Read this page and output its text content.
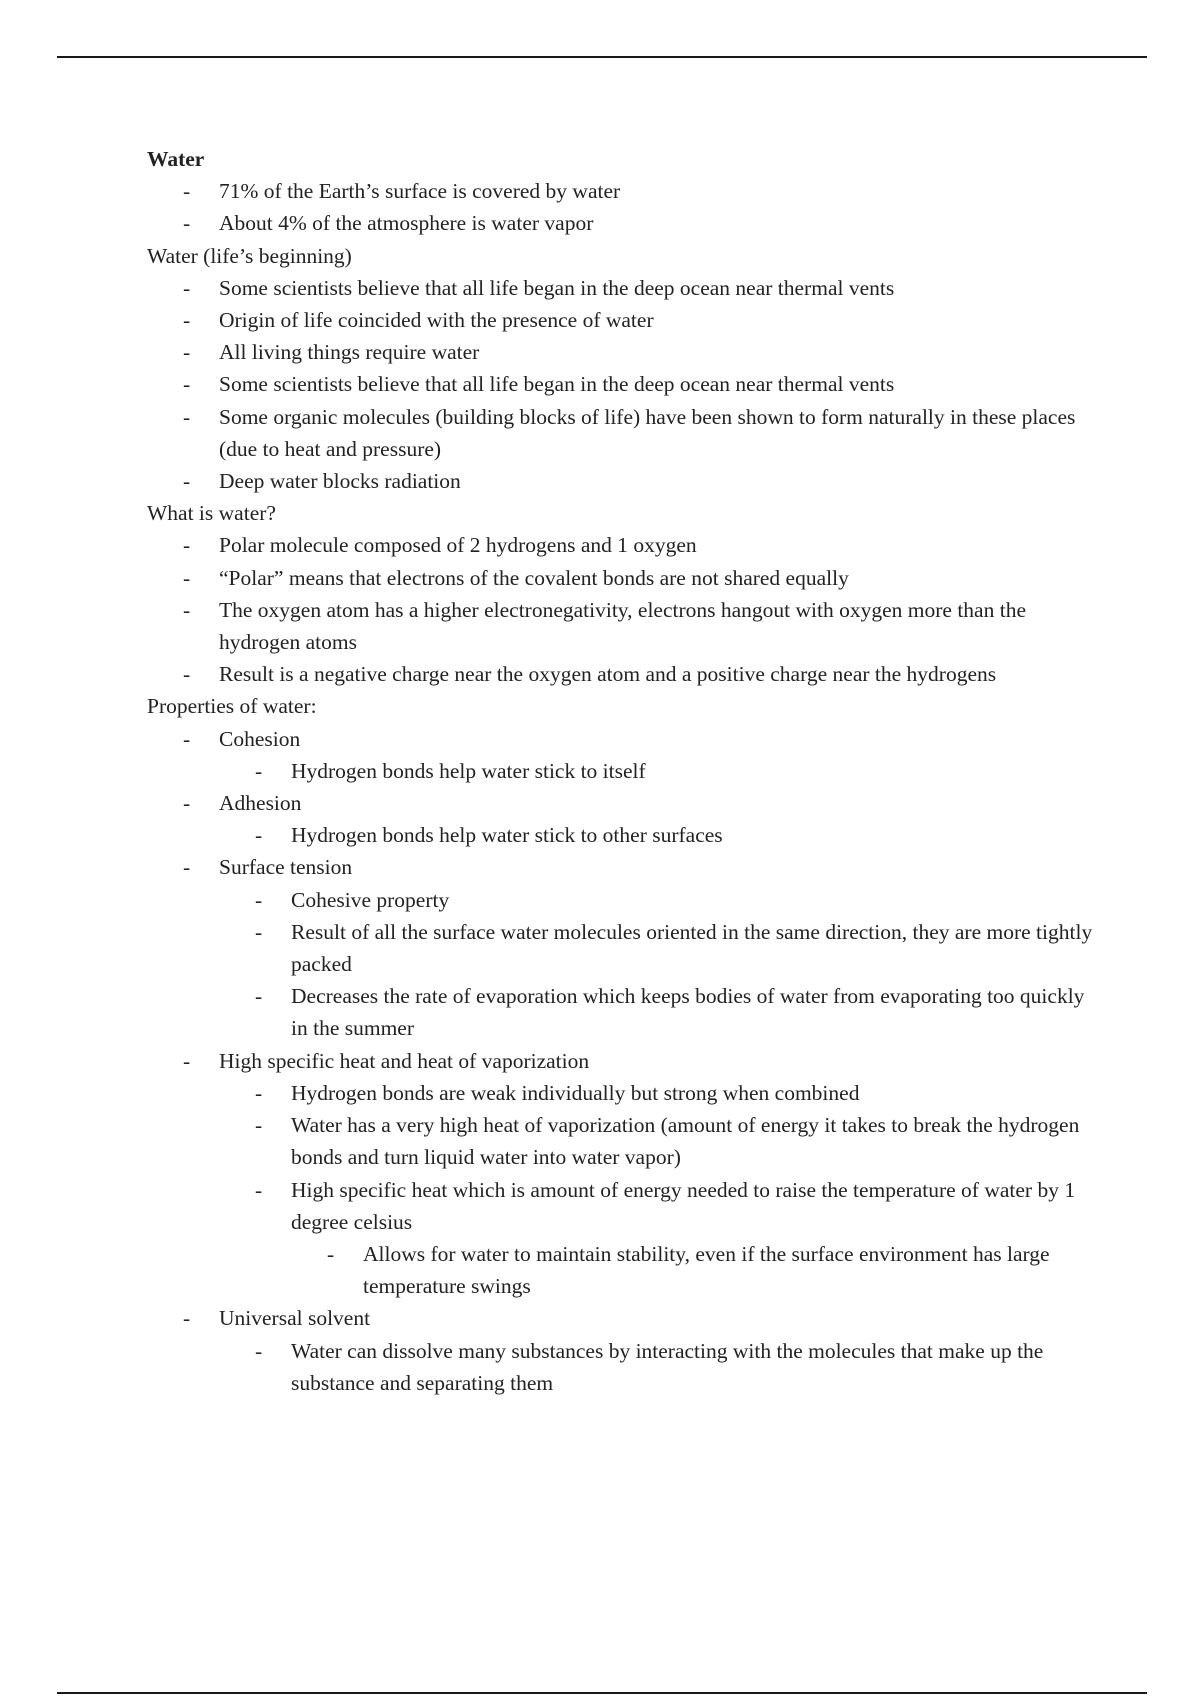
Water

- 71% of the Earth’s surface is covered by water
- About 4% of the atmosphere is water vapor

Water (life’s beginning)

- Some scientists believe that all life began in the deep ocean near thermal vents
- Origin of life coincided with the presence of water
- All living things require water
- Some scientists believe that all life began in the deep ocean near thermal vents
- Some organic molecules (building blocks of life) have been shown to form naturally in these places (due to heat and pressure)
- Deep water blocks radiation

What is water?

- Polar molecule composed of 2 hydrogens and 1 oxygen
- “Polar” means that electrons of the covalent bonds are not shared equally
- The oxygen atom has a higher electronegativity, electrons hangout with oxygen more than the hydrogen atoms
- Result is a negative charge near the oxygen atom and a positive charge near the hydrogens

Properties of water:

- Cohesion
- Hydrogen bonds help water stick to itself
- Adhesion
- Hydrogen bonds help water stick to other surfaces
- Surface tension
- Cohesive property
- Result of all the surface water molecules oriented in the same direction, they are more tightly packed
- Decreases the rate of evaporation which keeps bodies of water from evaporating too quickly in the summer
- High specific heat and heat of vaporization
- Hydrogen bonds are weak individually but strong when combined
- Water has a very high heat of vaporization (amount of energy it takes to break the hydrogen bonds and turn liquid water into water vapor)
- High specific heat which is amount of energy needed to raise the temperature of water by 1 degree celsius
- Allows for water to maintain stability, even if the surface environment has large temperature swings
- Universal solvent
- Water can dissolve many substances by interacting with the molecules that make up the substance and separating them
